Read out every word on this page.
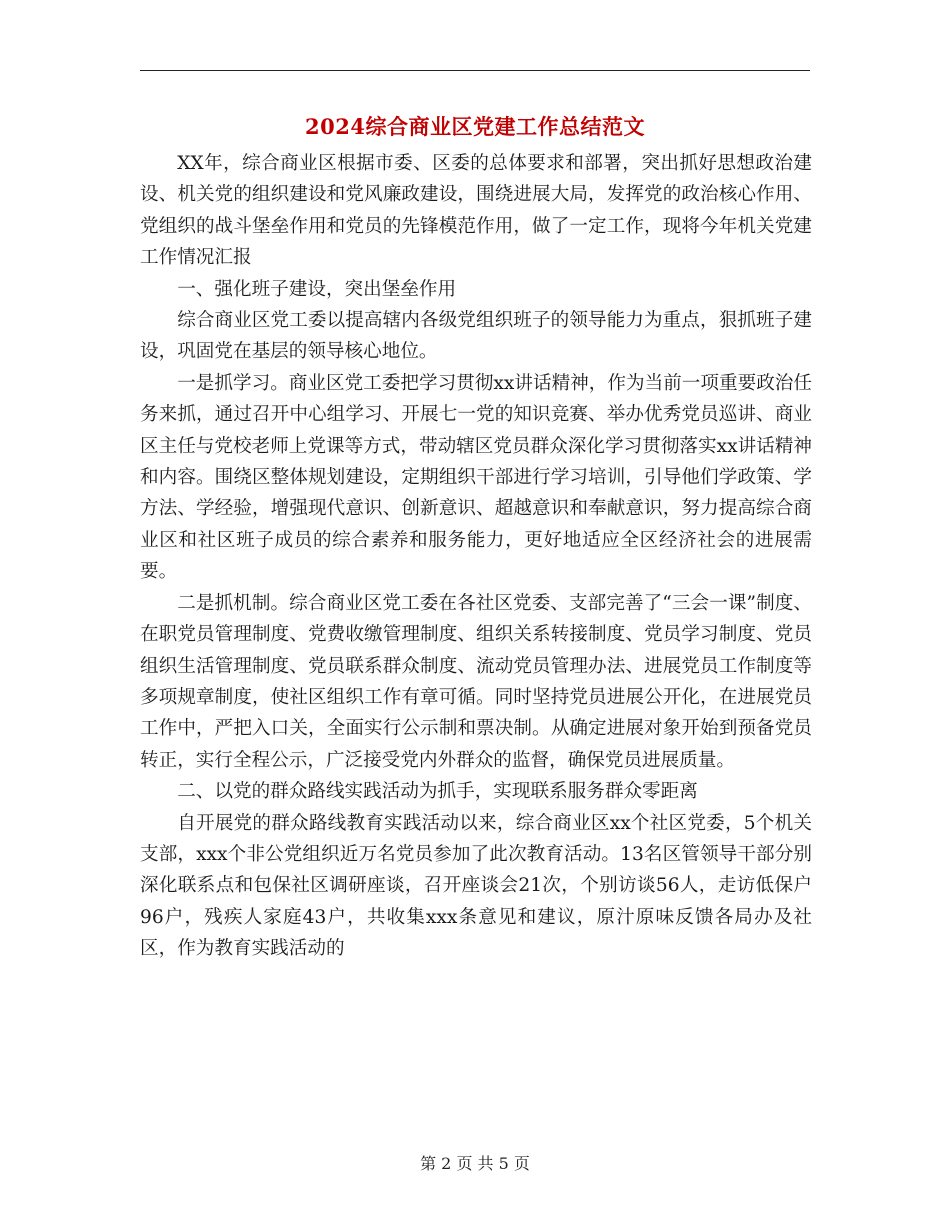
2024综合商业区党建工作总结范文

XX年，综合商业区根据市委、区委的总体要求和部署，突出抓好思想政治建设、机关党的组织建设和党风廉政建设，围绕进展大局，发挥党的政治核心作用、党组织的战斗堡垒作用和党员的先锋模范作用，做了一定工作，现将今年机关党建工作情况汇报

一、强化班子建设，突出堡垒作用

综合商业区党工委以提高辖内各级党组织班子的领导能力为重点，狠抓班子建设，巩固党在基层的领导核心地位。

一是抓学习。商业区党工委把学习贯彻xx讲话精神，作为当前一项重要政治任务来抓，通过召开中心组学习、开展七一党的知识竞赛、举办优秀党员巡讲、商业区主任与党校老师上党课等方式，带动辖区党员群众深化学习贯彻落实xx讲话精神和内容。围绕区整体规划建设，定期组织干部进行学习培训，引导他们学政策、学方法、学经验，增强现代意识、创新意识、超越意识和奉献意识，努力提高综合商业区和社区班子成员的综合素养和服务能力，更好地适应全区经济社会的进展需要。

二是抓机制。综合商业区党工委在各社区党委、支部完善了“三会一课”制度、在职党员管理制度、党费收缴管理制度、组织关系转接制度、党员学习制度、党员组织生活管理制度、党员联系群众制度、流动党员管理办法、进展党员工作制度等多项规章制度，使社区组织工作有章可循。同时坚持党员进展公开化，在进展党员工作中，严把入口关，全面实行公示制和票决制。从确定进展对象开始到预备党员转正，实行全程公示，广泛接受党内外群众的监督，确保党员进展质量。

二、以党的群众路线实践活动为抓手，实现联系服务群众零距离

自开展党的群众路线教育实践活动以来，综合商业区xx个社区党委，5个机关支部，xxx个非公党组织近万名党员参加了此次教育活动。13名区管领导干部分别深化联系点和包保社区调研座谈，召开座谈会21次，个别访谈56人，走访低保户96户，残疾人家庭43户，共收集xxx条意见和建议，原汁原味反馈各局办及社区，作为教育实践活动的

第 2 页 共 5 页
